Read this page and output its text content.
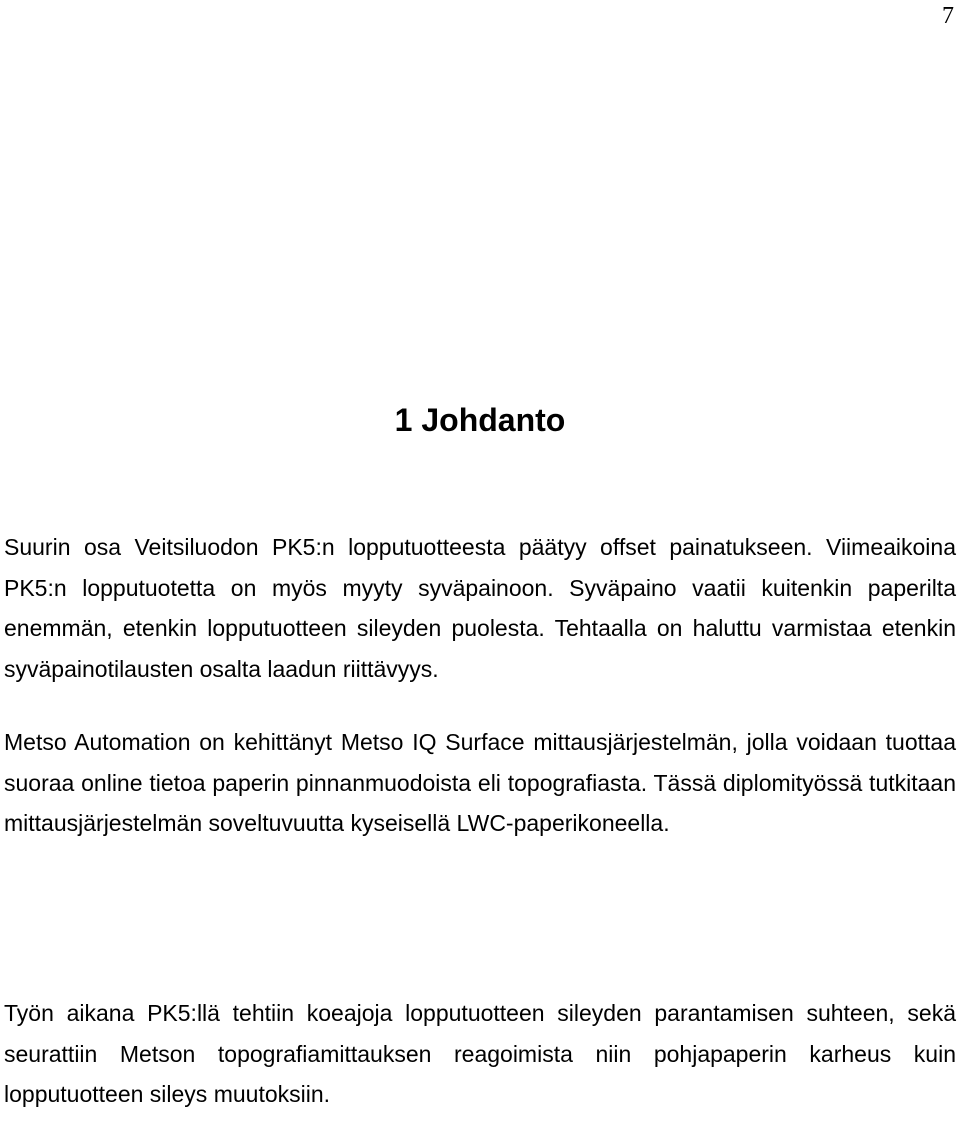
7
1 Johdanto

Suurin osa Veitsiluodon PK5:n lopputuotteesta päätyy offset painatukseen. Viimeaikoina PK5:n lopputuotetta on myös myyty syväpainoon. Syväpaino vaatii kuitenkin paperilta enemmän, etenkin lopputuotteen sileyden puolesta. Tehtaalla on haluttu varmistaa etenkin syväpainotilausten osalta laadun riittävyys.

Metso Automation on kehittänyt Metso IQ Surface mittausjärjestelmän, jolla voidaan tuottaa suoraa online tietoa paperin pinnanmuodoista eli topografiasta. Tässä diplomityössä tutkitaan mittausjärjestelmän soveltuvuutta kyseisellä LWC-paperikoneella.

Työn aikana PK5:llä tehtiin koeajoja lopputuotteen sileyden parantamisen suhteen, sekä seurattiin Metson topografiamittauksen reagoimista niin pohjapaperin karheus kuin lopputuotteen sileys muutoksiin.
